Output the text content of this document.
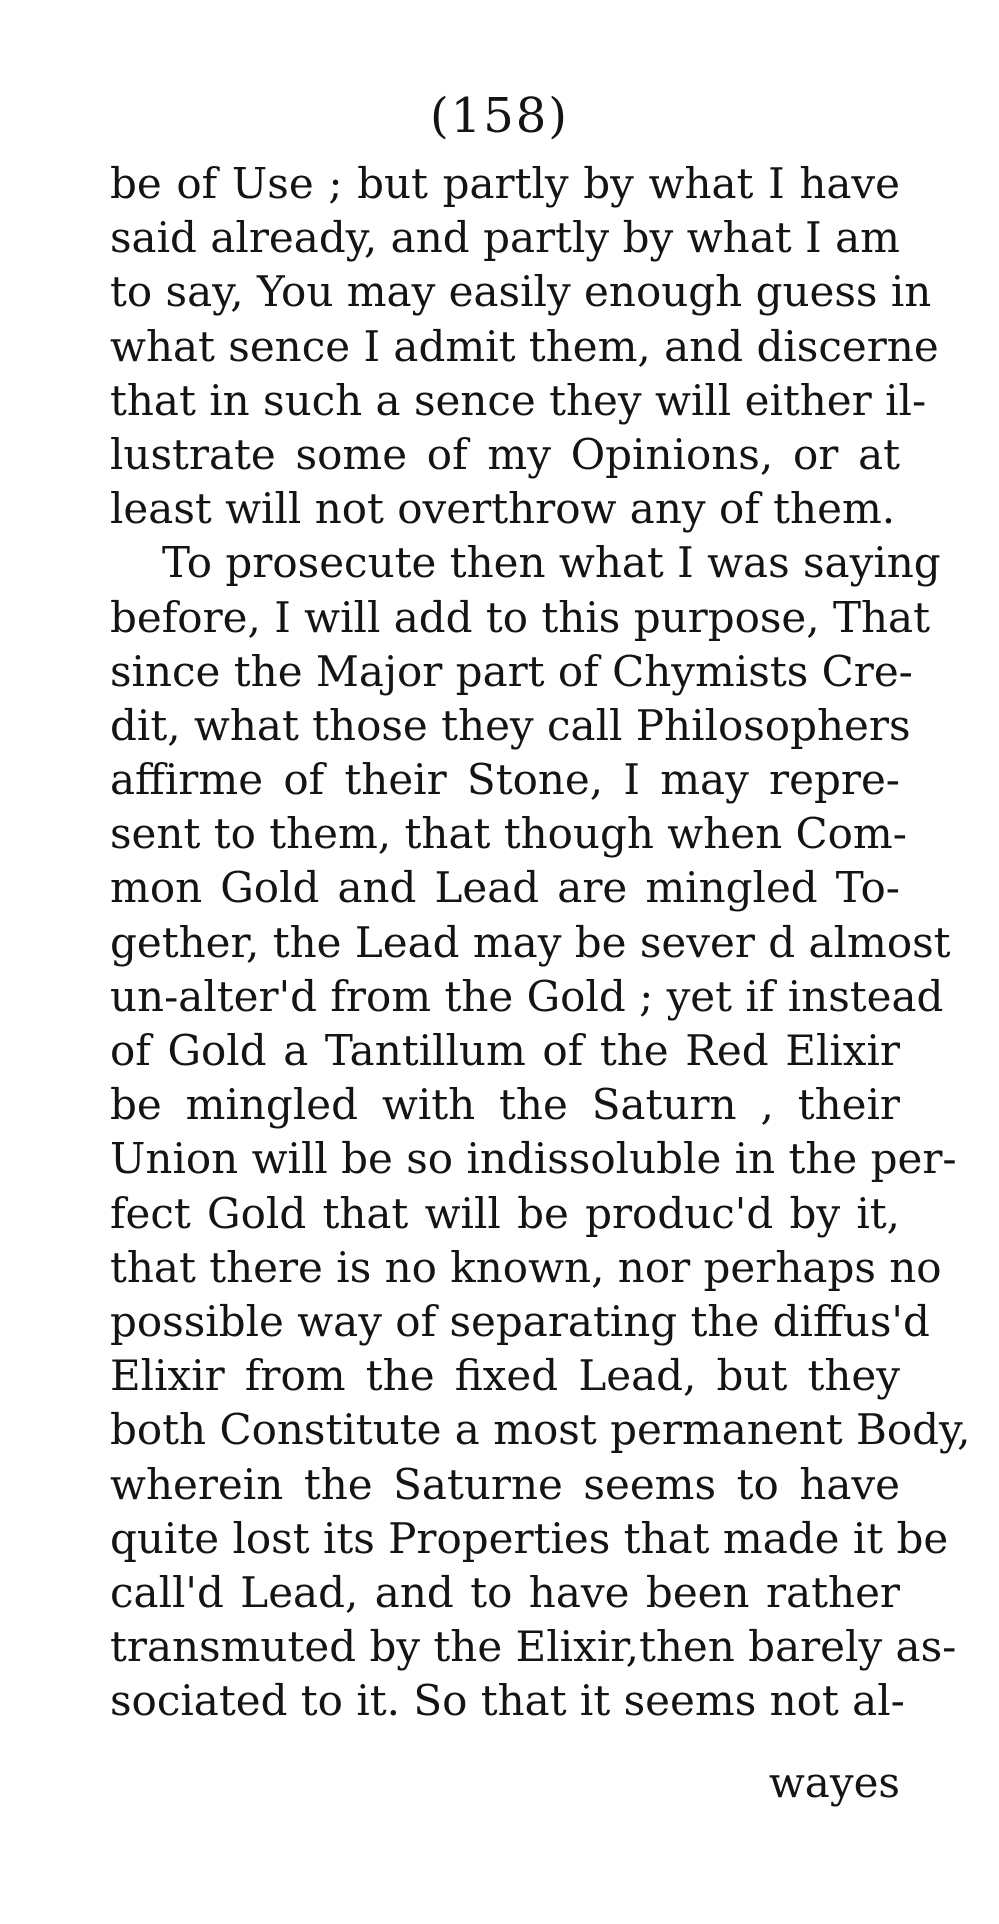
(158)
be of Use ; but partly by what I have
said already, and partly by what I am
to say, You may easily enough guess in
what sence I admit them, and discerne
that in such a sence they will either il-
lustrate some of my Opinions, or at
least will not overthrow any of them.
To prosecute then what I was saying
before, I will add to this purpose, That
since the Major part of Chymists Cre-
dit, what those they call Philosophers
affirme of their Stone, I may repre-
sent to them, that though when Com-
mon Gold and Lead are mingled To-
gether, the Lead may be sever d almost
un-alter'd from the Gold ; yet if instead
of Gold a Tantillum of the Red Elixir
be mingled with the Saturn , their
Union will be so indissoluble in the per-
fect Gold that will be produc'd by it,
that there is no known, nor perhaps no
possible way of separating the diffus'd
Elixir from the fixed Lead, but they
both Constitute a most permanent Body,
wherein the Saturne seems to have
quite lost its Properties that made it be
call'd Lead, and to have been rather
transmuted by the Elixir,then barely as-
sociated to it. So that it seems not al-
wayes
